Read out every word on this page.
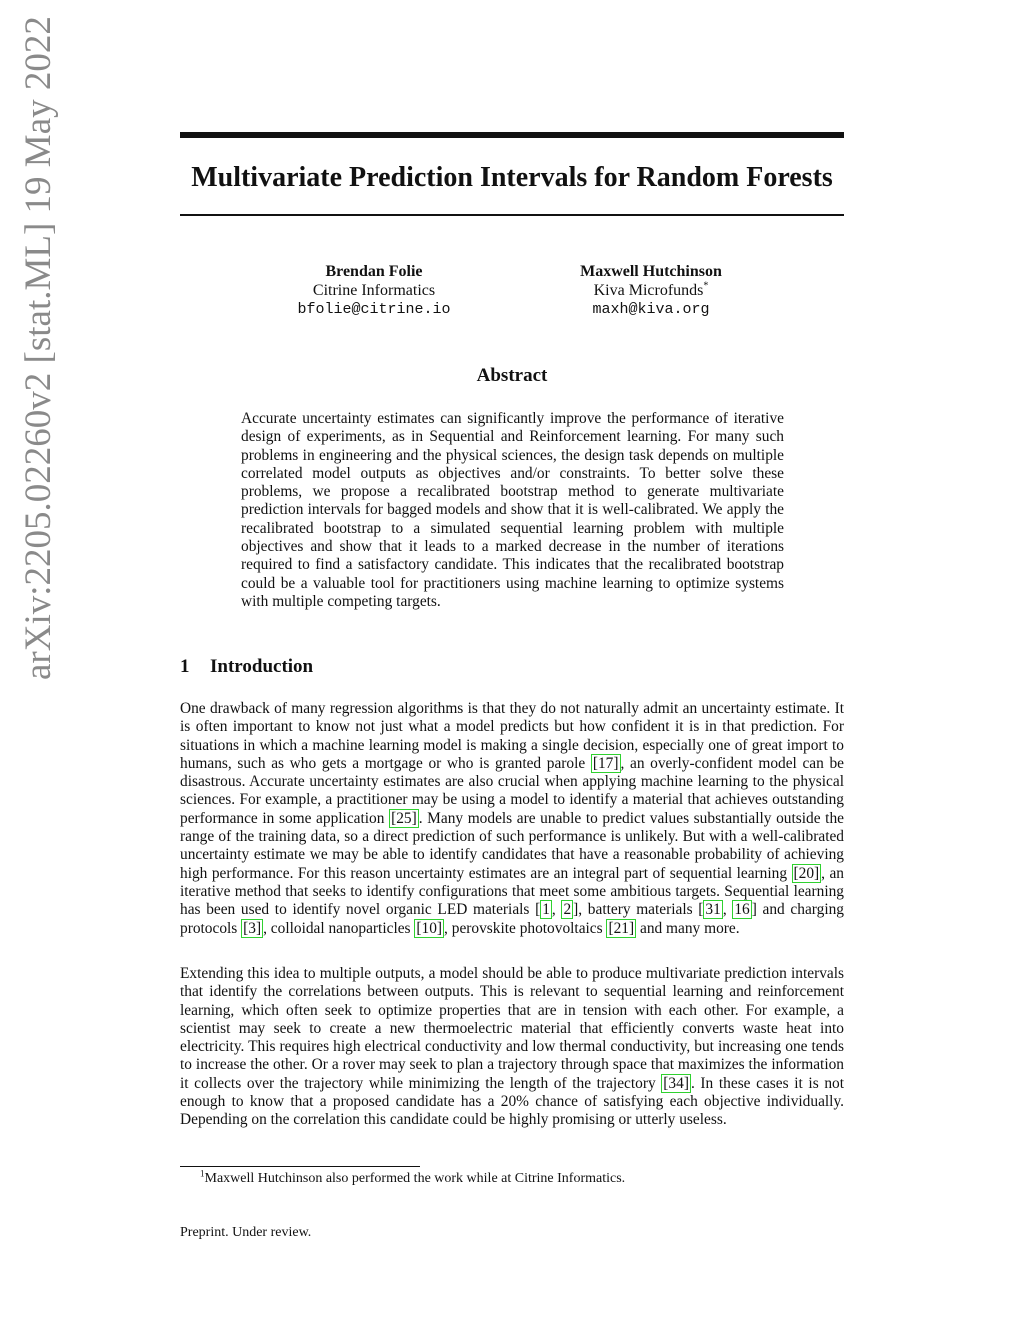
arXiv:2205.02260v2 [stat.ML] 19 May 2022	Multivariate Prediction Intervals for Random Forests
Brendan Folie
Citrine Informatics
bfolie@citrine.io
Maxwell Hutchinson
Kiva Microfunds*
maxh@kiva.org
Abstract
Accurate uncertainty estimates can significantly improve the performance of iterative design of experiments, as in Sequential and Reinforcement learning. For many such problems in engineering and the physical sciences, the design task depends on multiple correlated model outputs as objectives and/or constraints. To better solve these problems, we propose a recalibrated bootstrap method to generate multivariate prediction intervals for bagged models and show that it is well-calibrated. We apply the recalibrated bootstrap to a simulated sequential learning problem with multiple objectives and show that it leads to a marked decrease in the number of iterations required to find a satisfactory candidate. This indicates that the recalibrated bootstrap could be a valuable tool for practitioners using machine learning to optimize systems with multiple competing targets.
1 Introduction

One drawback of many regression algorithms is that they do not naturally admit an uncertainty estimate. It is often important to know not just what a model predicts but how confident it is in that prediction. For situations in which a machine learning model is making a single decision, especially one of great import to humans, such as who gets a mortgage or who is granted parole [17] , an overly-confident model can be disastrous. Accurate uncertainty estimates are also crucial when applying machine learning to the physical sciences. For example, a practitioner may be using a model to identify a material that achieves outstanding performance in some application [25] . Many models are unable to predict values substantially outside the range of the training data, so a direct prediction of such performance is unlikely. But with a well-calibrated uncertainty estimate we may be able to identify candidates that have a reasonable probability of achieving high performance. For this reason uncertainty estimates are an integral part of sequential learning [20] , an iterative method that seeks to identify configurations that meet some ambitious targets. Sequential learning has been used to identify novel organic LED materials [ 1 , 2 ], battery materials [ 31 , 16 ] and charging protocols [3] , colloidal nanoparticles [10] , perovskite photovoltaics [21] and many more.

Extending this idea to multiple outputs, a model should be able to produce multivariate prediction intervals that identify the correlations between outputs. This is relevant to sequential learning and reinforcement learning, which often seek to optimize properties that are in tension with each other. For example, a scientist may seek to create a new thermoelectric material that efficiently converts waste heat into electricity. This requires high electrical conductivity and low thermal conductivity, but increasing one tends to increase the other. Or a rover may seek to plan a trajectory through space that maximizes the information it collects over the trajectory while minimizing the length of the trajectory [34] . In these cases it is not enough to know that a proposed candidate has a 20% chance of satisfying each objective individually. Depending on the correlation this candidate could be highly promising or utterly useless.

$^1$Maxwell Hutchinson also performed the work while at Citrine Informatics.
Preprint. Under review.
